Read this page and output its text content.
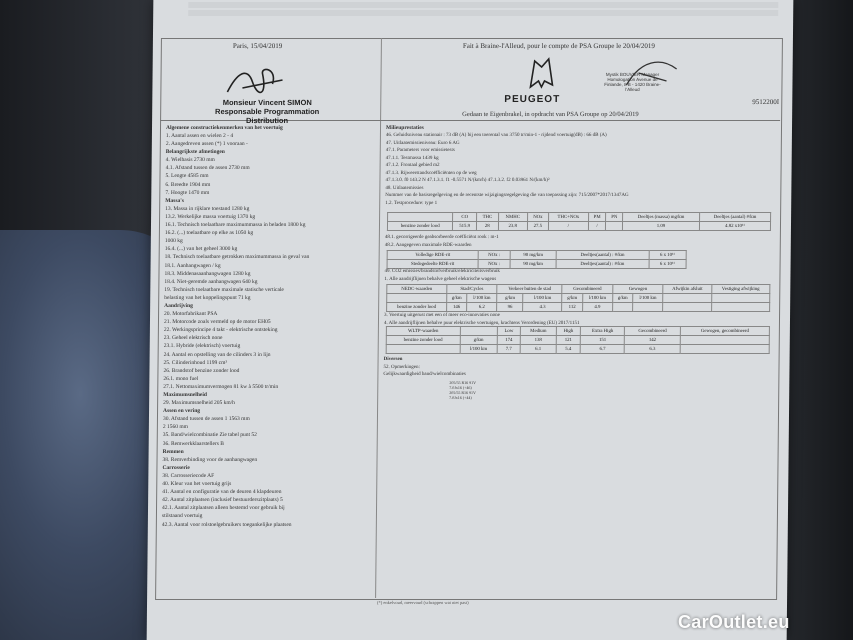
Paris, 15/04/2019
Monsieur Vincent SIMON
Responsable Programmation Distribution
Fait à Braine-l'Alleud, pour le compte de PSA Groupe le 20/04/2019
PEUGEOT
Mystik BOUVIER Manager Homologation Avenue de Finlande, 8 B - 1420 Braine-l'Alleud
9512200I
Gedaan te Eigenbrakel, in opdracht van PSA Groupe op 20/04/2019
Algemene constructiekenmerken van het voertuig
1. Aantal assen en wielen 2 - 4
2. Aangedreven assen (*) 1 vooraan -
Belangrijkste afmetingen
4. Wielbasis 2730 mm
4.1. Afstand tussen de assen 2730 mm
5. Lengte 4585 mm
6. Breedte 1904 mm
7. Hoogte 1470 mm
Massa's
13. Massa in rijklare toestand 1280 kg
13.2. Werkelijke massa voertuig 1370 kg
16.1. Technisch toelaatbare maximummassa in beladen 1800 kg
16.2. (...) toelaatbare op elke as 1050 kg
1000 kg
16.4. (...) van het geheel 3000 kg
18. Technisch toelaatbare getrokken maximummassa in geval van
18.1. Aanhangwagen / kg
18.3. Middenasaanhangwagen 1280 kg
18.4. Niet-geremde aanhangwagen 640 kg
19. Technisch toelaatbare maximale statische verticale
belasting van het koppelingspunt 71 kg
Aandrijving
20. Motorfabrikant PSA
21. Motorcode zoals vermeld op de motor EH05
22. Werkingsprincipe 4 takt - elektrische ontsteking
23. Geheel elektrisch none
23.1. Hybride (elektrisch) voertuig
24. Aantal en opstelling van de cilinders 3 in lijn
25. Cilinderinhoud 1199 cm³
26. Brandstof benzine zonder lood
26.1. mono fuel
27.1. Nettomaximumvermogen 81 kw à 5500 tr/min
Maximumsnelheid
29. Maximumsnelheid 205 km/h
Assen en vering
30. Afstand tussen de assen 1 1563 mm
2 1560 mm
35. Band/wielcombinatie Zie tabel punt 52
36. Remwerkklaarstellers B
Remmen
38. Remverbinding voor de aanhangwagen
Carrosserie
38. Carrosseriecode AF
40. Kleur van het voertuig grijs
41. Aantal en configuratie van de deuren 4 klapdeuren
42. Aantal zitplaatsen (inclusief bestuurderszitplaats) 5
42.1. Aantal zitplaatsen alleen bestemd voor gebruik bij
stilstaand voertuig
42.3. Aantal voor rolstoelgebruikers toegankelijke plaatsen
Milieuprestaties
46. Geluidsniveau stationair : 73 dB (A) bij een toerental van 3750 tr/min-1 - rijdend voertuig(dB) : 66 dB (A)
47. Uitlaatemissieniveau: Euro 6 AG
47.1. Parameters voor emissietests
47.1.1. Testmassa 1439 kg
47.1.2. Frontaal gebied m2
47.1.3. Rijweerstandscoëfficiënten op de weg
47.1.3.0. f0 143.2 N 47.1.3.1. f1 -0.5571 N/(km/h) 47.1.3.2. f2 0.03961 N/(km/h)²
48. Uitlaatemissies
Nummer van de basisregelgeving en de recentste wijzigingsregelgeving die van toepassing zijn: 715/2007*2017/1347AG
1.2. Testprocedure: type 1
	CO	THC	NMHC	NOx	THC+NOx	PM	PN	Deeltjes (massa) mg/km	Deeltjes (aantal) #/km
benzine zonder lood	515.9	28	23.8	27.5	/	/		1.09	4.82 x10¹¹
48.1. gecorrigeerde geabsorbeerde coëfficiënt rook : m-1
48.2. Aangegeven maximale RDE-waarden
Volledige RDE-rit	NOx :	90 mg/km	Deeltjes(aantal) : #/km	6 x 10¹¹
Stedegedeelte RDE-rit	NOx :	90 mg/km	Deeltjes(aantal) : #/km	6 x 10¹¹
49. CO2 emissies/brandstofverbruik/elektriciteitsverbruik
1. Alle aandrijflijnen behalve geheel elektrische wagens
NEDC-waarden	Stad/Cycles		Verkeer buiten de stad		Gecombineerd		Gewogen		Afwijkin afsluit	Vestiging afwijking
	g/km	l/100 km	g/km	l/100 km	g/km	l/100 km	g/km	l/100 km		
benzine zonder lood	146	6.2	96	4.3	112	4.9				
3. Voertuig uitgerust met een of meer eco-innovaties none
4. Alle aandrijflijnen behalve puur elektrische voertuigen, krachtens Verordening (EU) 2017/1151
WLTP-waarden		Low	Medium	High	Extra High	Gecombineerd	Gewogen, gecombineerd
benzine zonder lood	g/km	174	138	121	151	142	
	l/100 km	7.7	6.1	5.4	6.7	6.3	
Diversen
52. Opmerkingen:
Gelijkwaardigheid band/wielcombinaties
205/55 R16 91V
7.0Jx16 (+46)
205/55 R16 91V
7.0Jx16 (+44)
(*) enkelvoud, meervoud (schrappen wat niet past)
CarOutlet.eu
